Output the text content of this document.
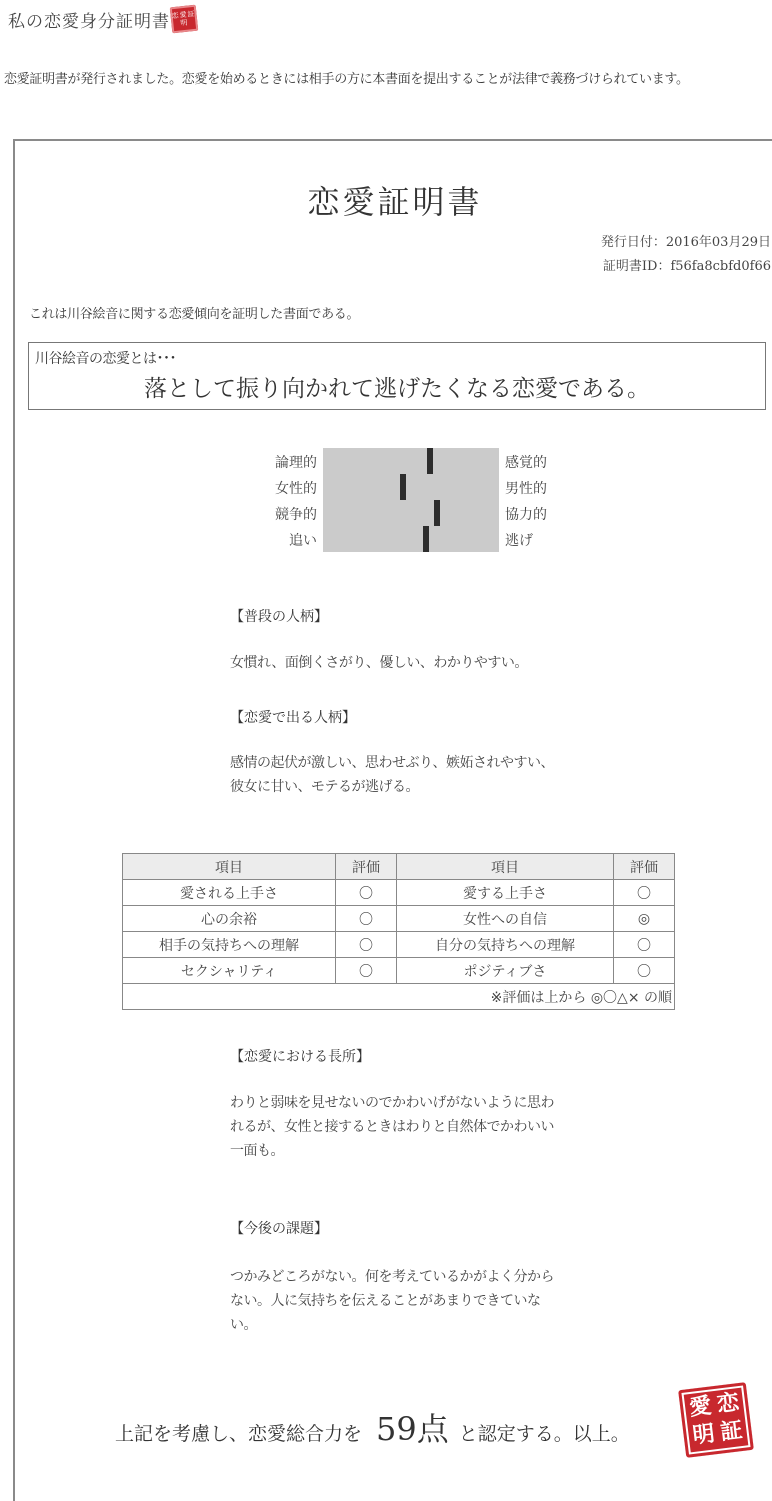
私の恋愛身分証明書 恋愛証明
恋愛証明書が発行されました。恋愛を始めるときには相手の方に本書面を提出することが法律で義務づけられています。
恋愛証明書
発行日付：2016年03月29日
証明書ID：f56fa8cbfd0f66
これは川谷絵音に関する恋愛傾向を証明した書面である。
川谷絵音の恋愛とは･･･
落として振り向かれて逃げたくなる恋愛である。
論理的	感覚的
女性的	男性的
競争的	協力的
追い	逃げ
【普段の人柄】
女慣れ、面倒くさがり、優しい、わかりやすい。
【恋愛で出る人柄】
感情の起伏が激しい、思わせぶり、嫉妬されやすい、彼女に甘い、モテるが逃げる。
項目	評価	項目	評価
愛される上手さ	〇	愛する上手さ	〇
心の余裕	〇	女性への自信	◎
相手の気持ちへの理解	〇	自分の気持ちへの理解	〇
セクシャリティ	〇	ポジティブさ	〇
※評価は上から ◎〇△× の順			
【恋愛における長所】
わりと弱味を見せないのでかわいげがないように思われるが、女性と接するときはわりと自然体でかわいい一面も。
【今後の課題】
つかみどころがない。何を考えているかがよく分からない。人に気持ちを伝えることがあまりできていない。
上記を考慮し、恋愛総合力を 59点 と認定する。以上。
愛 恋
明 証
